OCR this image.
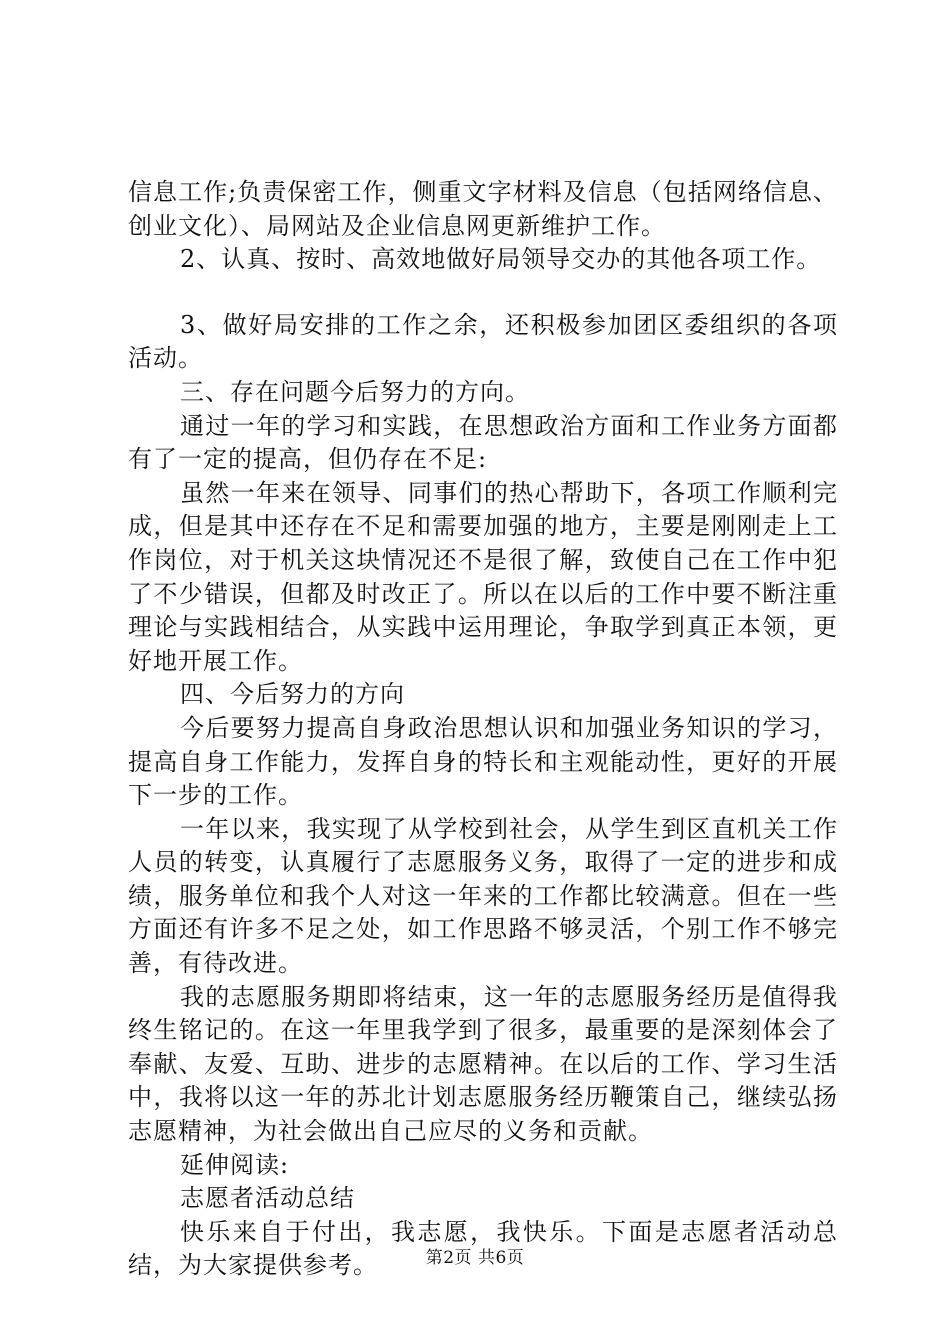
信息工作;负责保密工作，侧重文字材料及信息（包括网络信息、创业文化）、局网站及企业信息网更新维护工作。

2、认真、按时、高效地做好局领导交办的其他各项工作。

3、做好局安排的工作之余，还积极参加团区委组织的各项活动。

三、存在问题今后努力的方向。

通过一年的学习和实践，在思想政治方面和工作业务方面都有了一定的提高，但仍存在不足:

虽然一年来在领导、同事们的热心帮助下，各项工作顺利完成，但是其中还存在不足和需要加强的地方，主要是刚刚走上工作岗位，对于机关这块情况还不是很了解，致使自己在工作中犯了不少错误，但都及时改正了。所以在以后的工作中要不断注重理论与实践相结合，从实践中运用理论，争取学到真正本领，更好地开展工作。

四、今后努力的方向

今后要努力提高自身政治思想认识和加强业务知识的学习，提高自身工作能力，发挥自身的特长和主观能动性，更好的开展下一步的工作。

一年以来，我实现了从学校到社会，从学生到区直机关工作人员的转变，认真履行了志愿服务义务，取得了一定的进步和成绩，服务单位和我个人对这一年来的工作都比较满意。但在一些方面还有许多不足之处，如工作思路不够灵活，个别工作不够完善，有待改进。

我的志愿服务期即将结束，这一年的志愿服务经历是值得我终生铭记的。在这一年里我学到了很多，最重要的是深刻体会了奉献、友爱、互助、进步的志愿精神。在以后的工作、学习生活中，我将以这一年的苏北计划志愿服务经历鞭策自己，继续弘扬志愿精神，为社会做出自己应尽的义务和贡献。

延伸阅读:

志愿者活动总结

快乐来自于付出，我志愿，我快乐。下面是志愿者活动总结，为大家提供参考。	第2页 共6页
